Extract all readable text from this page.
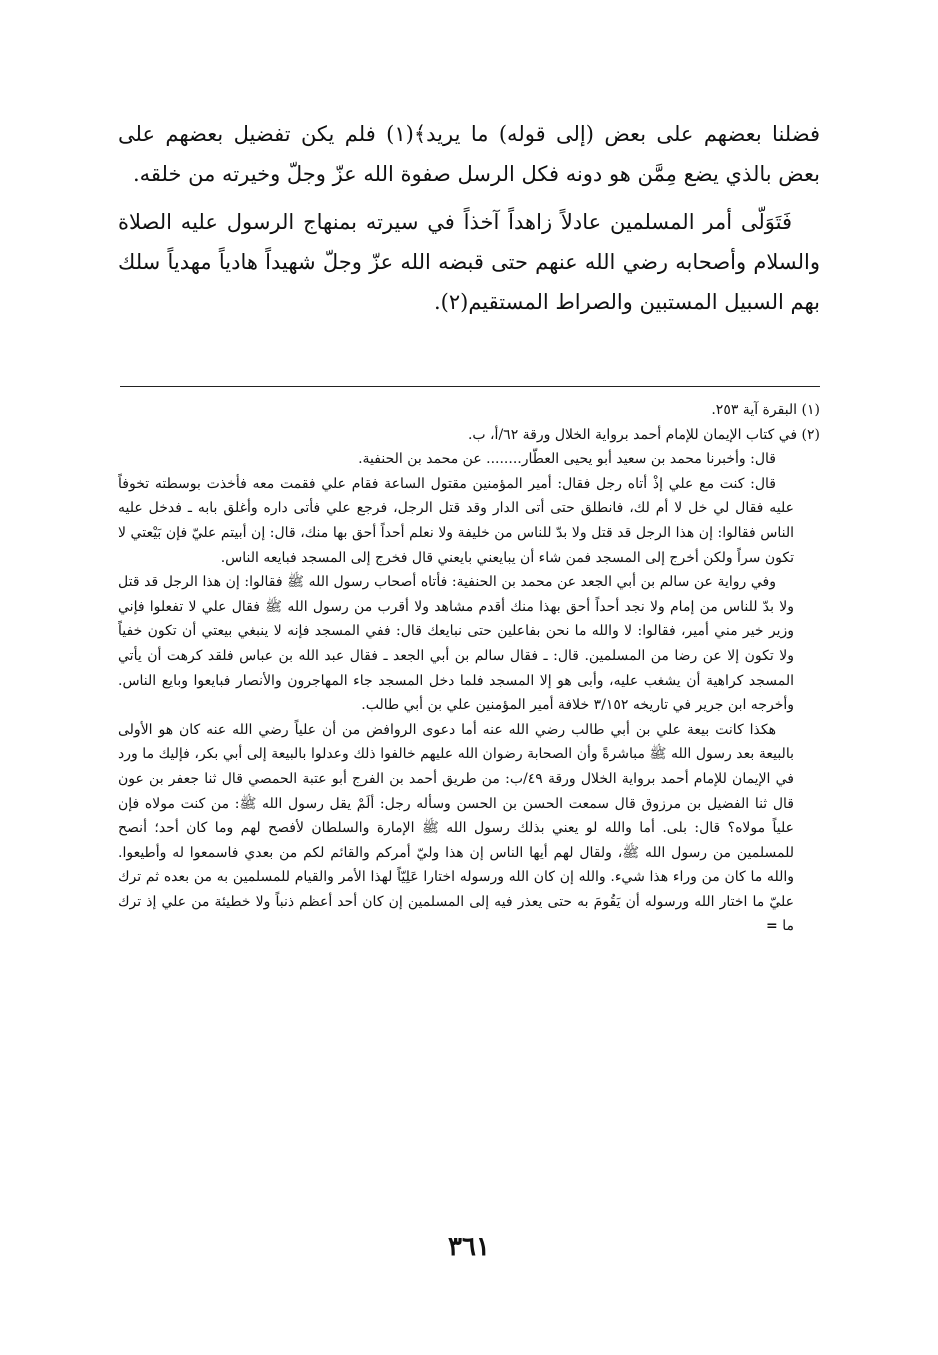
فضلنا بعضهم على بعض (إلى قوله) ما يريد﴾(١) فلم يكن تفضيل بعضهم على بعض بالذي يضع مِمَّن هو دونه فكل الرسل صفوة الله عزّ وجلّ وخيرته من خلقه.

فَتَوَلّى أمر المسلمين عادلاً زاهداً آخذاً في سيرته بمنهاج الرسول عليه الصلاة والسلام وأصحابه رضي الله عنهم حتى قبضه الله عزّ وجلّ شهيداً هادياً مهدياً سلك بهم السبيل المستبين والصراط المستقيم(٢).

(١) البقرة آية ٢٥٣.

(٢) في كتاب الإيمان للإمام أحمد برواية الخلال ورقة ٦٢/أ، ب.

قال: وأخبرنا محمد بن سعيد أبو يحيى العطّار........ عن محمد بن الحنفية.

قال: كنت مع علي إذْ أتاه رجل فقال: أمير المؤمنين مقتول الساعة فقام علي فقمت معه فأخذت بوسطته تخوفاً عليه فقال لي خل لا أم لك، فانطلق حتى أتى الدار وقد قتل الرجل، فرجع علي فأتى داره وأغلق بابه ـ فدخل عليه الناس فقالوا: إن هذا الرجل قد قتل ولا بدّ للناس من خليفة ولا نعلم أحداً أحق بها منك، قال: إن أبيتم عليّ فإن بَيْعتي لا تكون سراً ولكن أخرج إلى المسجد فمن شاء أن يبايعني بايعني قال فخرج إلى المسجد فبايعه الناس.

وفي رواية عن سالم بن أبي الجعد عن محمد بن الحنفية: فأتاه أصحاب رسول الله ﷺ فقالوا: إن هذا الرجل قد قتل ولا بدّ للناس من إمام ولا نجد أحداً أحق بهذا منك أقدم مشاهد ولا أقرب من رسول الله ﷺ فقال علي لا تفعلوا فإني وزير خير مني أمير، فقالوا: لا والله ما نحن بفاعلين حتى نبايعك قال: ففي المسجد فإنه لا ينبغي بيعتي أن تكون خفياً ولا تكون إلا عن رضا من المسلمين. قال: ـ فقال سالم بن أبي الجعد ـ فقال عبد الله بن عباس فلقد كرهت أن يأتي المسجد كراهية أن يشغب عليه، وأبى هو إلا المسجد فلما دخل المسجد جاء المهاجرون والأنصار فبايعوا وبايع الناس. وأخرجه ابن جرير في تاريخه ٣/١٥٢ خلافة أمير المؤمنين علي بن أبي طالب.

هكذا كانت بيعة علي بن أبي طالب رضي الله عنه أما دعوى الروافض من أن علياً رضي الله عنه كان هو الأولى بالبيعة بعد رسول الله ﷺ مباشرةً وأن الصحابة رضوان الله عليهم خالفوا ذلك وعدلوا بالبيعة إلى أبي بكر، فإليك ما ورد في الإيمان للإمام أحمد برواية الخلال ورقة ٤٩/ب: من طريق أحمد بن الفرج أبو عتبة الحمصي قال ثنا جعفر بن عون قال ثنا الفضيل بن مرزوق قال سمعت الحسن بن الحسن وسأله رجل: ألَمْ يقل رسول الله ﷺ: من كنت مولاه فإن علياً مولاه؟ قال: بلى. أما والله لو يعني بذلك رسول الله ﷺ الإمارة والسلطان لأفصح لهم وما كان أحد؛ أنصح للمسلمين من رسول الله ﷺ، ولقال لهم أيها الناس إن هذا وليّ أمركم والقائم لكم من بعدي فاسمعوا له وأطيعوا. والله ما كان من وراء هذا شيء. والله إن كان الله ورسوله اختارا عَلِيّاً لهذا الأمر والقيام للمسلمين به من بعده ثم ترك عليّ ما اختار الله ورسوله أن يَقُومَ به حتى يعذر فيه إلى المسلمين إن كان أحد أعظم ذنباً ولا خطيئة من علي إذ ترك ما =

٣٦١
